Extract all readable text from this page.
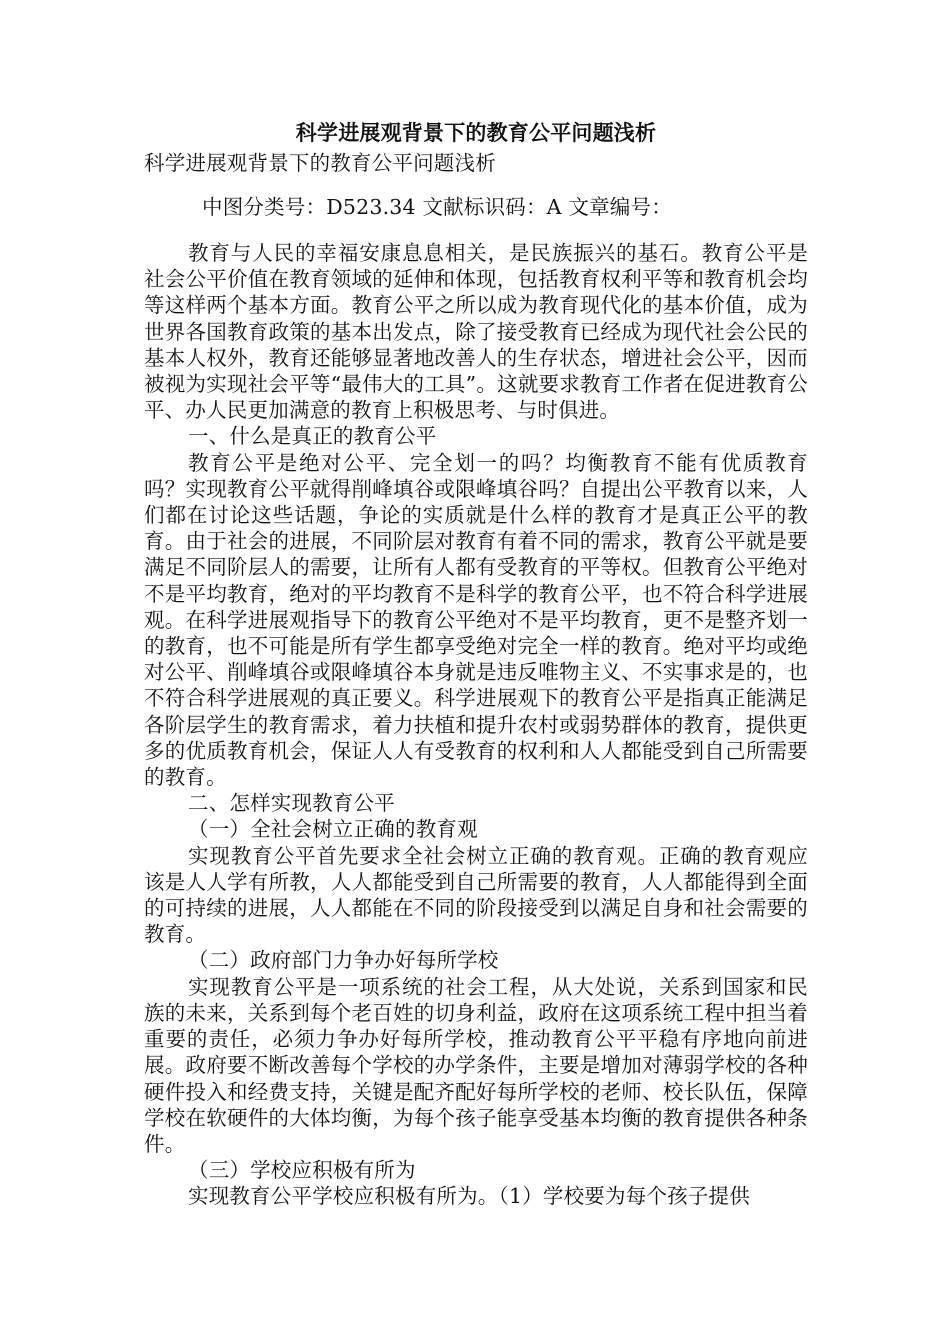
科学进展观背景下的教育公平问题浅析
科学进展观背景下的教育公平问题浅析
中图分类号：D523.34 文献标识码：A 文章编号：

教育与人民的幸福安康息息相关，是民族振兴的基石。教育公平是社会公平价值在教育领域的延伸和体现，包括教育权利平等和教育机会均等这样两个基本方面。教育公平之所以成为教育现代化的基本价值，成为世界各国教育政策的基本出发点，除了接受教育已经成为现代社会公民的基本人权外，教育还能够显著地改善人的生存状态，增进社会公平，因而被视为实现社会平等“最伟大的工具”。这就要求教育工作者在促进教育公平、办人民更加满意的教育上积极思考、与时俱进。

一、什么是真正的教育公平

教育公平是绝对公平、完全划一的吗？均衡教育不能有优质教育吗？实现教育公平就得削峰填谷或限峰填谷吗？自提出公平教育以来，人们都在讨论这些话题，争论的实质就是什么样的教育才是真正公平的教育。由于社会的进展，不同阶层对教育有着不同的需求，教育公平就是要满足不同阶层人的需要，让所有人都有受教育的平等权。但教育公平绝对不是平均教育，绝对的平均教育不是科学的教育公平，也不符合科学进展观。在科学进展观指导下的教育公平绝对不是平均教育，更不是整齐划一的教育，也不可能是所有学生都享受绝对完全一样的教育。绝对平均或绝对公平、削峰填谷或限峰填谷本身就是违反唯物主义、不实事求是的，也不符合科学进展观的真正要义。科学进展观下的教育公平是指真正能满足各阶层学生的教育需求，着力扶植和提升农村或弱势群体的教育，提供更多的优质教育机会，保证人人有受教育的权利和人人都能受到自己所需要的教育。

二、怎样实现教育公平

（一）全社会树立正确的教育观

实现教育公平首先要求全社会树立正确的教育观。正确的教育观应该是人人学有所教，人人都能受到自己所需要的教育，人人都能得到全面的可持续的进展，人人都能在不同的阶段接受到以满足自身和社会需要的教育。

（二）政府部门力争办好每所学校

实现教育公平是一项系统的社会工程，从大处说，关系到国家和民族的未来，关系到每个老百姓的切身利益，政府在这项系统工程中担当着重要的责任，必须力争办好每所学校，推动教育公平平稳有序地向前进展。政府要不断改善每个学校的办学条件，主要是增加对薄弱学校的各种硬件投入和经费支持，关键是配齐配好每所学校的老师、校长队伍，保障学校在软硬件的大体均衡，为每个孩子能享受基本均衡的教育提供各种条件。

（三）学校应积极有所为

实现教育公平学校应积极有所为。（1）学校要为每个孩子提供
